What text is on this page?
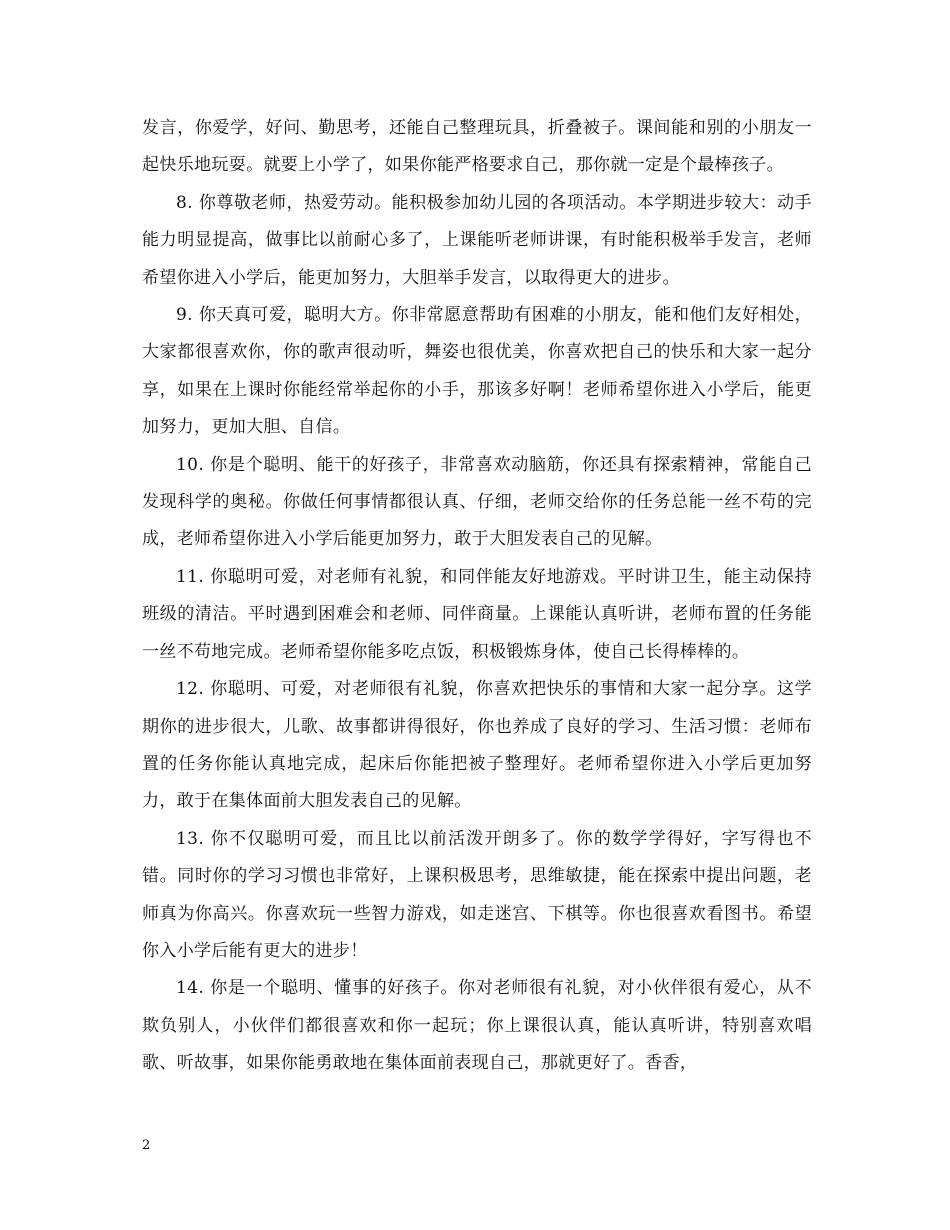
发言，你爱学，好问、勤思考，还能自己整理玩具，折叠被子。课间能和别的小朋友一起快乐地玩耍。就要上小学了，如果你能严格要求自己，那你就一定是个最棒孩子。

8. 你尊敬老师，热爱劳动。能积极参加幼儿园的各项活动。本学期进步较大：动手能力明显提高，做事比以前耐心多了，上课能听老师讲课，有时能积极举手发言，老师希望你进入小学后，能更加努力，大胆举手发言，以取得更大的进步。

9. 你天真可爱，聪明大方。你非常愿意帮助有困难的小朋友，能和他们友好相处，大家都很喜欢你，你的歌声很动听，舞姿也很优美，你喜欢把自己的快乐和大家一起分享，如果在上课时你能经常举起你的小手，那该多好啊！老师希望你进入小学后，能更加努力，更加大胆、自信。

10. 你是个聪明、能干的好孩子，非常喜欢动脑筋，你还具有探索精神，常能自己发现科学的奥秘。你做任何事情都很认真、仔细，老师交给你的任务总能一丝不苟的完成，老师希望你进入小学后能更加努力，敢于大胆发表自己的见解。

11. 你聪明可爱，对老师有礼貌，和同伴能友好地游戏。平时讲卫生，能主动保持班级的清洁。平时遇到困难会和老师、同伴商量。上课能认真听讲，老师布置的任务能一丝不苟地完成。老师希望你能多吃点饭，积极锻炼身体，使自己长得棒棒的。

12. 你聪明、可爱，对老师很有礼貌，你喜欢把快乐的事情和大家一起分享。这学期你的进步很大，儿歌、故事都讲得很好，你也养成了良好的学习、生活习惯：老师布置的任务你能认真地完成，起床后你能把被子整理好。老师希望你进入小学后更加努力，敢于在集体面前大胆发表自己的见解。

13. 你不仅聪明可爱，而且比以前活泼开朗多了。你的数学学得好，字写得也不错。同时你的学习习惯也非常好，上课积极思考，思维敏捷，能在探索中提出问题，老师真为你高兴。你喜欢玩一些智力游戏，如走迷宫、下棋等。你也很喜欢看图书。希望你入小学后能有更大的进步！

14. 你是一个聪明、懂事的好孩子。你对老师很有礼貌，对小伙伴很有爱心，从不欺负别人，小伙伴们都很喜欢和你一起玩；你上课很认真，能认真听讲，特别喜欢唱歌、听故事，如果你能勇敢地在集体面前表现自己，那就更好了。香香，

2
